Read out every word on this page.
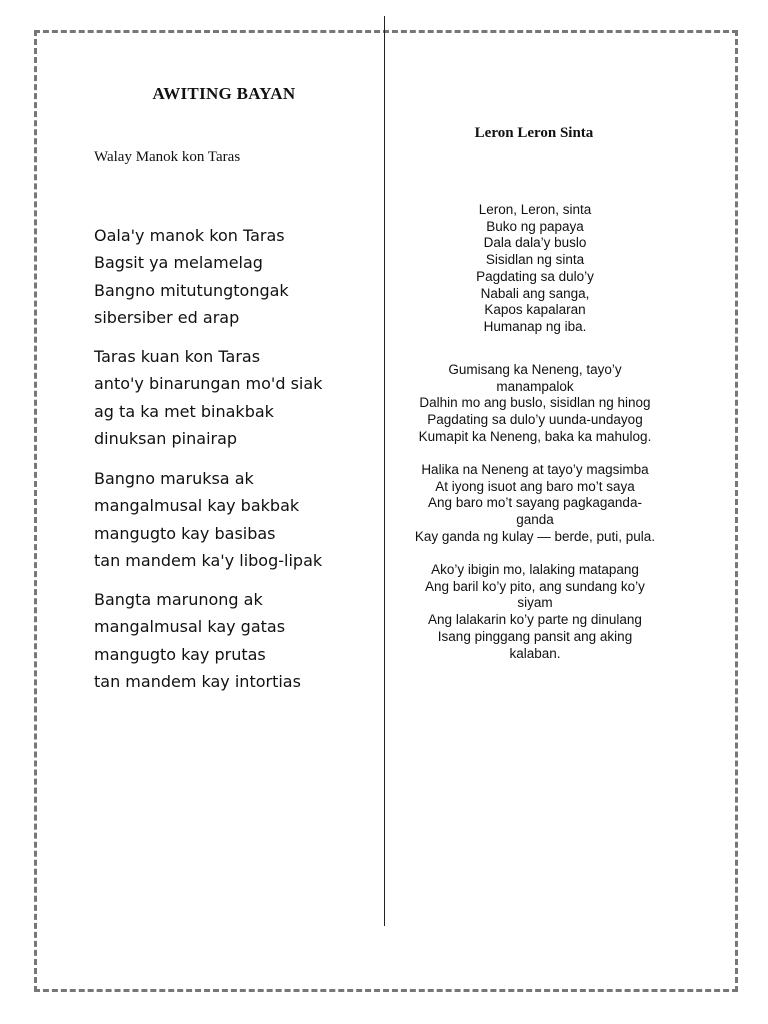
AWITING BAYAN
Walay Manok kon Taras
Oala'y manok kon Taras
Bagsit ya melamelag
Bangno mitutungtongak
sibersiber ed arap
Taras kuan kon Taras
anto'y binarungan mo'd siak
ag ta ka met binakbak
dinuksan pinairap
Bangno maruksa ak
mangalmusal kay bakbak
mangugto kay basibas
tan mandem ka'y libog-lipak
Bangta marunong ak
mangalmusal kay gatas
mangugto kay prutas
tan mandem kay intortias
Leron Leron Sinta
Leron, Leron, sinta
Buko ng papaya
Dala dala’y buslo
Sisidlan ng sinta
Pagdating sa dulo’y
Nabali ang sanga,
Kapos kapalaran
Humanap ng iba.
Gumisang ka Neneng, tayo’y
manampalok
Dalhin mo ang buslo, sisidlan ng hinog
Pagdating sa dulo’y uunda-undayog
Kumapit ka Neneng, baka ka mahulog.
Halika na Neneng at tayo’y magsimba
At iyong isuot ang baro mo’t saya
Ang baro mo’t sayang pagkaganda-
ganda
Kay ganda ng kulay — berde, puti, pula.
Ako’y ibigin mo, lalaking matapang
Ang baril ko’y pito, ang sundang ko’y
siyam
Ang lalakarin ko’y parte ng dinulang
Isang pinggang pansit ang aking
kalaban.
